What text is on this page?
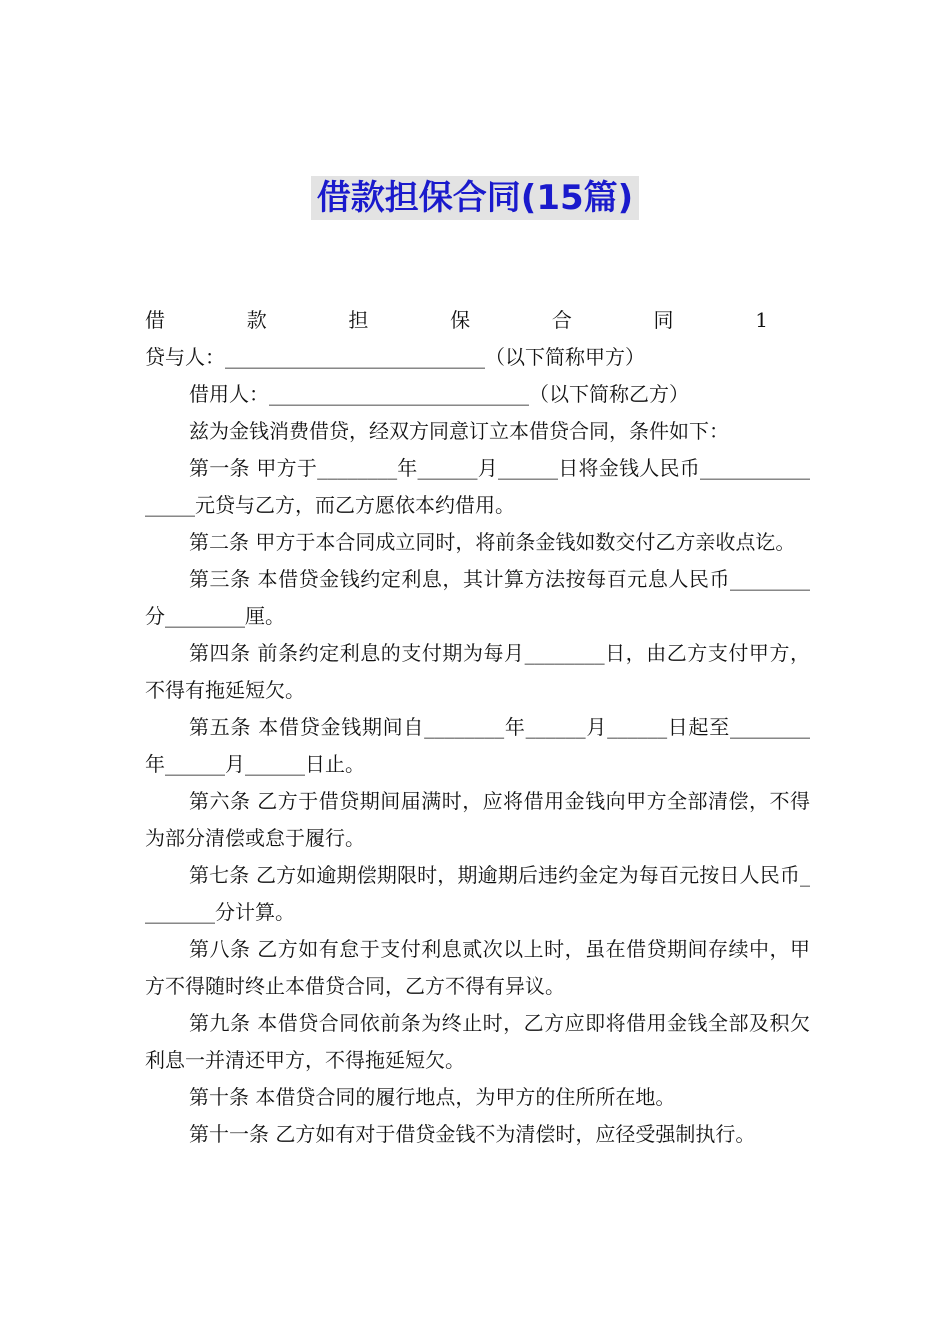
借款担保合同(15篇)

借款担保合同1贷与人：__________________________（以下简称甲方）

借用人：__________________________（以下简称乙方）

兹为金钱消费借贷，经双方同意订立本借贷合同，条件如下：

第一条 甲方于________年______月______日将金钱人民币________________元贷与乙方，而乙方愿依本约借用。

第二条 甲方于本合同成立同时，将前条金钱如数交付乙方亲收点讫。

第三条 本借贷金钱约定利息，其计算方法按每百元息人民币________分________厘。

第四条 前条约定利息的支付期为每月________日，由乙方支付甲方，不得有拖延短欠。

第五条 本借贷金钱期间自________年______月______日起至________年______月______日止。

第六条 乙方于借贷期间届满时，应将借用金钱向甲方全部清偿，不得为部分清偿或怠于履行。

第七条 乙方如逾期偿期限时，期逾期后违约金定为每百元按日人民币________分计算。

第八条 乙方如有怠于支付利息贰次以上时，虽在借贷期间存续中，甲方不得随时终止本借贷合同，乙方不得有异议。

第九条 本借贷合同依前条为终止时，乙方应即将借用金钱全部及积欠利息一并清还甲方，不得拖延短欠。

第十条 本借贷合同的履行地点，为甲方的住所所在地。

第十一条 乙方如有对于借贷金钱不为清偿时，应径受强制执行。
